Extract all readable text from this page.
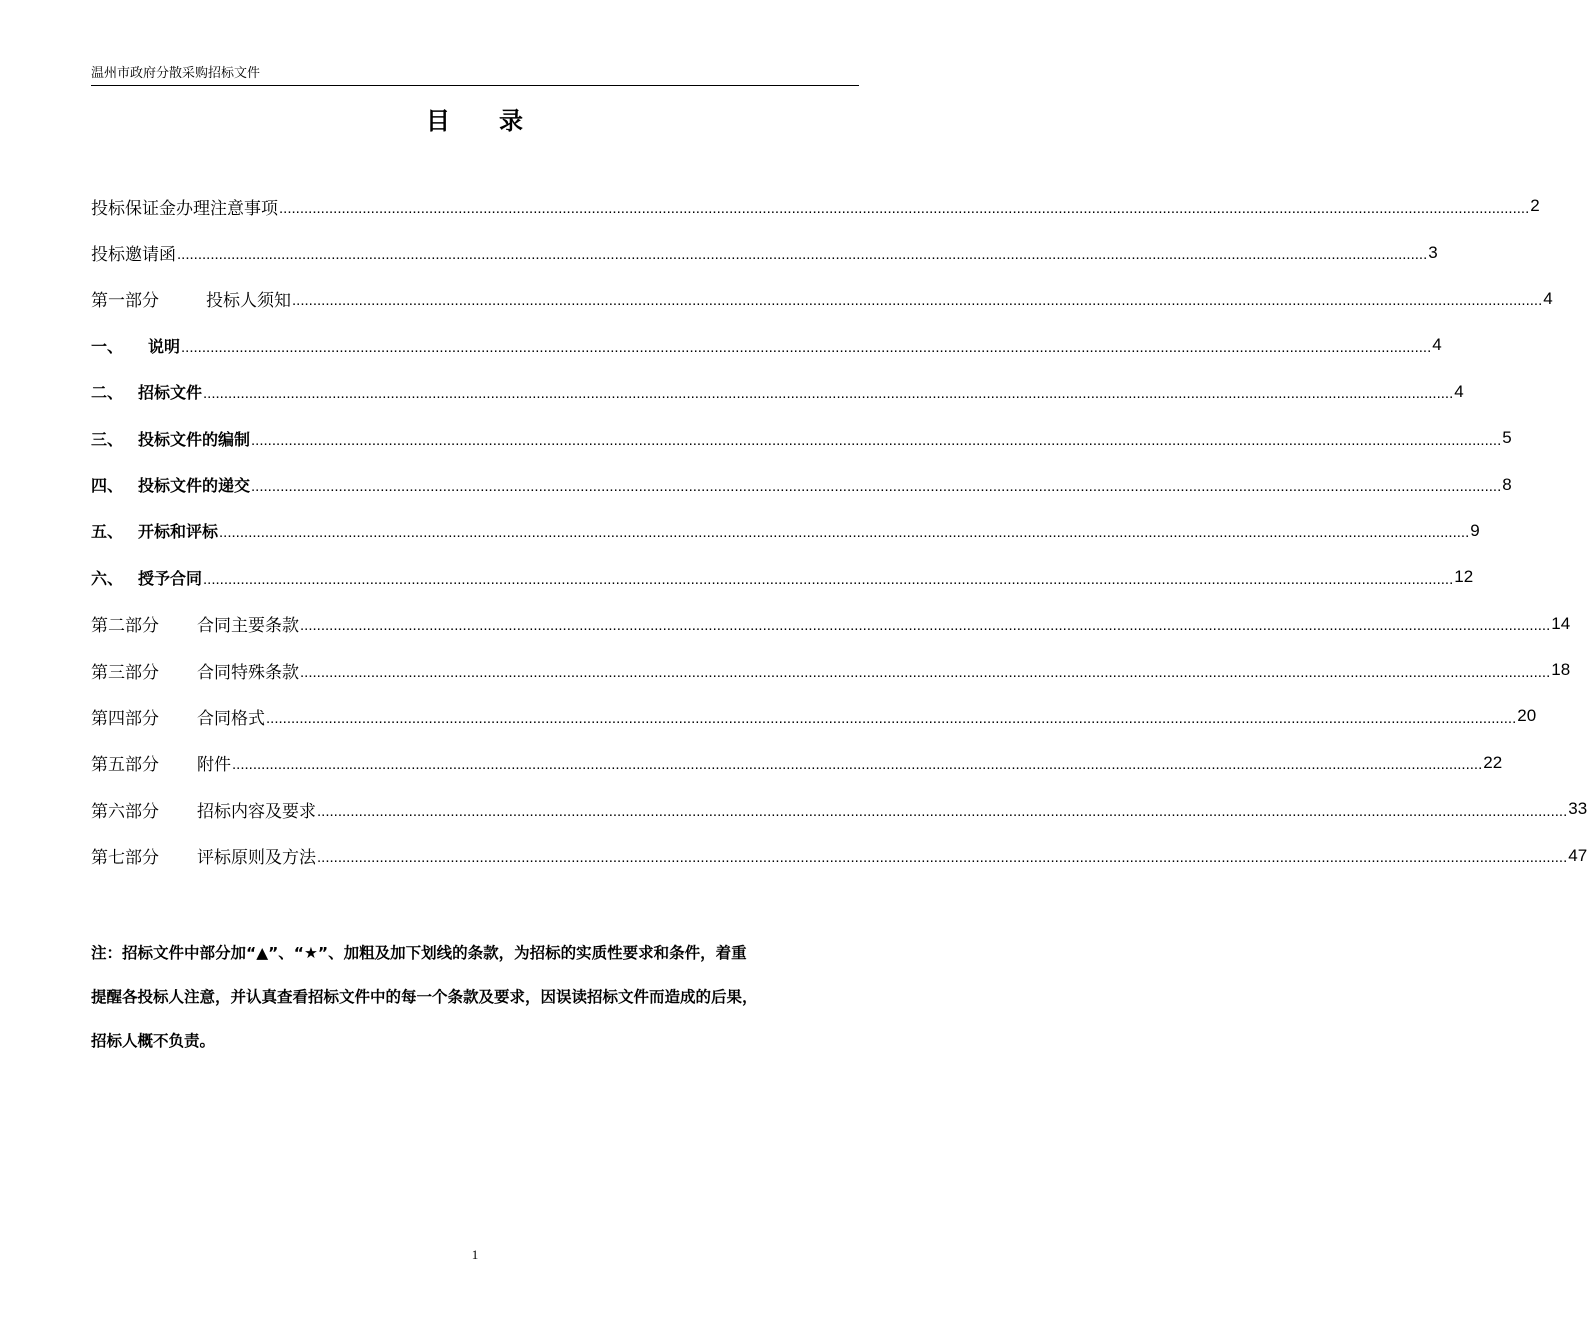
温州市政府分散采购招标文件
目 录
投标保证金办理注意事项 ............................................................................................................................................................................................................................................................................................................ 2
投标邀请函 ............................................................................................................................................................................................................................................................................................................ 3
第一部分	投标人须知 ............................................................................................................................................................................................................................................................................................................ 4
一、 说明 ............................................................................................................................................................................................................................................................................................................ 4
二、 招标文件 ............................................................................................................................................................................................................................................................................................................ 4
三、 投标文件的编制 ............................................................................................................................................................................................................................................................................................................ 5
四、 投标文件的递交 ............................................................................................................................................................................................................................................................................................................ 8
五、 开标和评标 ............................................................................................................................................................................................................................................................................................................ 9
六、 授予合同 ............................................................................................................................................................................................................................................................................................................ 12
第二部分 合同主要条款 ............................................................................................................................................................................................................................................................................................................ 14
第三部分 合同特殊条款 ............................................................................................................................................................................................................................................................................................................ 18
第四部分 合同格式 ............................................................................................................................................................................................................................................................................................................ 20
第五部分 附件 ............................................................................................................................................................................................................................................................................................................ 22
第六部分 招标内容及要求 ............................................................................................................................................................................................................................................................................................................ 33
第七部分 评标原则及方法 ............................................................................................................................................................................................................................................................................................................ 47

注：招标文件中部分加“▲”、“★”、加粗及加下划线的条款，为招标的实质性要求和条件，着重

提醒各投标人注意，并认真查看招标文件中的每一个条款及要求，因误读招标文件而造成的后果，

招标人概不负责。

1
